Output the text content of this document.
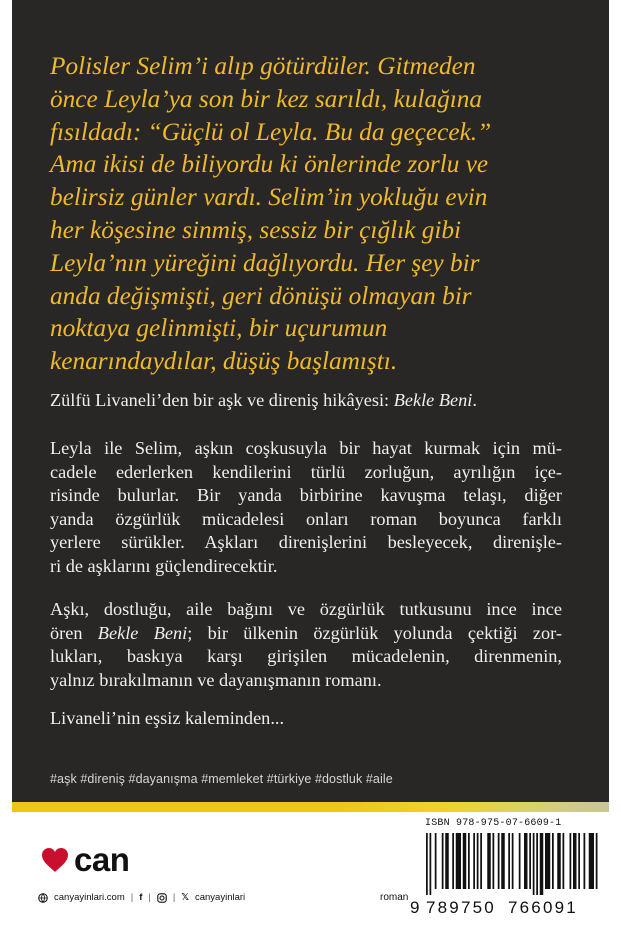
Polisler Selim’i alıp götürdüler. Gitmeden
önce Leyla’ya son bir kez sarıldı, kulağına
fısıldadı: “Güçlü ol Leyla. Bu da geçecek.”
Ama ikisi de biliyordu ki önlerinde zorlu ve
belirsiz günler vardı. Selim’in yokluğu evin
her köşesine sinmiş, sessiz bir çığlık gibi
Leyla’nın yüreğini dağlıyordu. Her şey bir
anda değişmişti, geri dönüşü olmayan bir
noktaya gelinmişti, bir uçurumun
kenarındaydılar, düşüş başlamıştı.
Zülfü Livaneli’den bir aşk ve direniş hikâyesi: Bekle Beni.
Leyla ile Selim, aşkın coşkusuyla bir hayat kurmak için mü-
cadele ederlerken kendilerini türlü zorluğun, ayrılığın içe-
risinde bulurlar. Bir yanda birbirine kavuşma telaşı, diğer
yanda özgürlük mücadelesi onları roman boyunca farklı
yerlere sürükler. Aşkları direnişlerini besleyecek, direnişle-
ri de aşklarını güçlendirecektir.
Aşkı, dostluğu, aile bağını ve özgürlük tutkusunu ince ince
ören Bekle Beni; bir ülkenin özgürlük yolunda çektiği zor-
lukları, baskıya karşı girişilen mücadelenin, direnmenin,
yalnız bırakılmanın ve dayanışmanın romanı.
Livaneli’nin eşsiz kaleminden...
#aşk #direniş #dayanışma #memleket #türkiye #dostluk #aile
can
canyayinlari.com | f | | 𝕏 canyayinlari	roman
ISBN 978-975-07-6609-1
9 789750 766091
